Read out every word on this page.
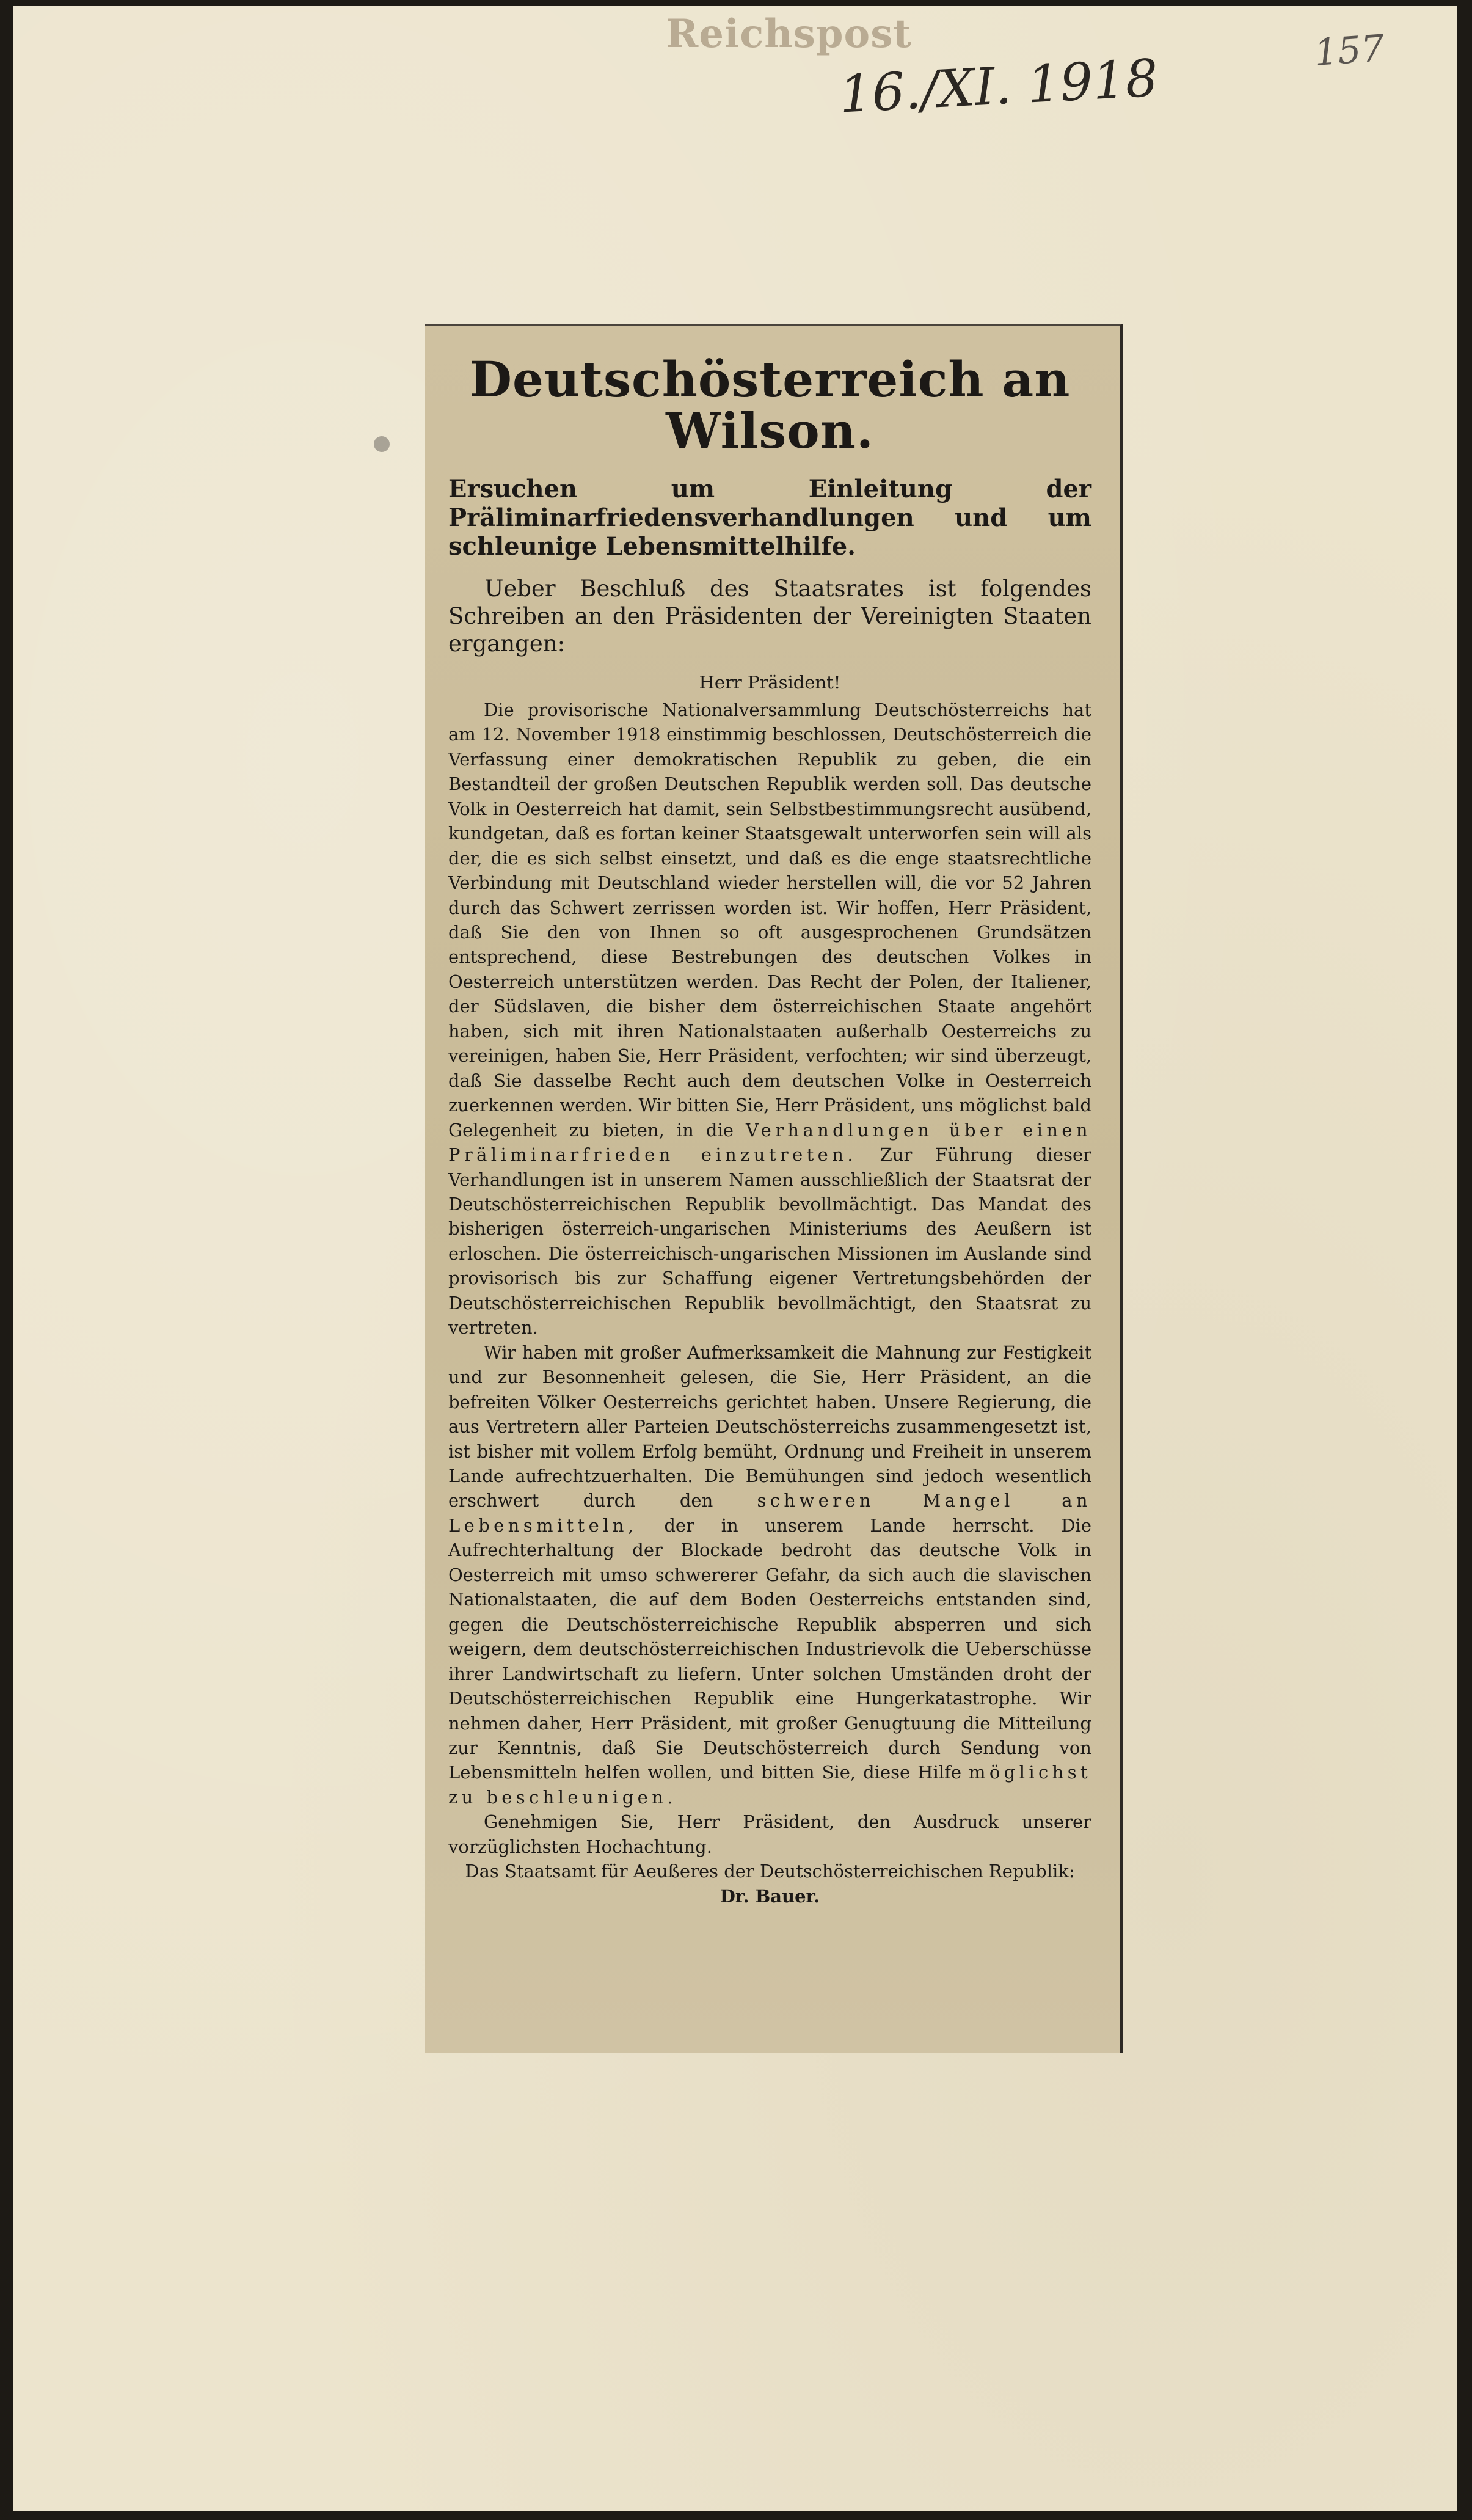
Reichspost
16./XI. 1918	157
Deutschösterreich an Wilson.
Ersuchen um Einleitung der Präliminarfriedensverhandlungen und um schleunige Lebensmittelhilfe.

Ueber Beschluß des Staatsrates ist folgendes Schreiben an den Präsidenten der Vereinigten Staaten ergangen:

Herr Präsident!

Die provisorische Nationalversammlung Deutschösterreichs hat am 12. November 1918 einstimmig beschlossen, Deutschösterreich die Verfassung einer demokratischen Republik zu geben, die ein Bestandteil der großen Deutschen Republik werden soll. Das deutsche Volk in Oesterreich hat damit, sein Selbstbestimmungsrecht ausübend, kundgetan, daß es fortan keiner Staatsgewalt unterworfen sein will als der, die es sich selbst einsetzt, und daß es die enge staatsrechtliche Verbindung mit Deutschland wieder herstellen will, die vor 52 Jahren durch das Schwert zerrissen worden ist. Wir hoffen, Herr Präsident, daß Sie den von Ihnen so oft ausgesprochenen Grundsätzen entsprechend, diese Bestrebungen des deutschen Volkes in Oesterreich unterstützen werden. Das Recht der Polen, der Italiener, der Südslaven, die bisher dem österreichischen Staate angehört haben, sich mit ihren Nationalstaaten außerhalb Oesterreichs zu vereinigen, haben Sie, Herr Präsident, verfochten; wir sind überzeugt, daß Sie dasselbe Recht auch dem deutschen Volke in Oesterreich zuerkennen werden. Wir bitten Sie, Herr Präsident, uns möglichst bald Gelegenheit zu bieten, in die Verhandlungen über einen Präliminarfrieden einzutreten. Zur Führung dieser Verhandlungen ist in unserem Namen ausschließlich der Staatsrat der Deutschösterreichischen Republik bevollmächtigt. Das Mandat des bisherigen österreich-ungarischen Ministeriums des Aeußern ist erloschen. Die österreichisch-ungarischen Missionen im Auslande sind provisorisch bis zur Schaffung eigener Vertretungsbehörden der Deutschösterreichischen Republik bevollmächtigt, den Staatsrat zu vertreten.

Wir haben mit großer Aufmerksamkeit die Mahnung zur Festigkeit und zur Besonnenheit gelesen, die Sie, Herr Präsident, an die befreiten Völker Oesterreichs gerichtet haben. Unsere Regierung, die aus Vertretern aller Parteien Deutschösterreichs zusammengesetzt ist, ist bisher mit vollem Erfolg bemüht, Ordnung und Freiheit in unserem Lande aufrechtzuerhalten. Die Bemühungen sind jedoch wesentlich erschwert durch den schweren Mangel an Lebensmitteln, der in unserem Lande herrscht. Die Aufrechterhaltung der Blockade bedroht das deutsche Volk in Oesterreich mit umso schwererer Gefahr, da sich auch die slavischen Nationalstaaten, die auf dem Boden Oesterreichs entstanden sind, gegen die Deutschösterreichische Republik absperren und sich weigern, dem deutschösterreichischen Industrievolk die Ueberschüsse ihrer Landwirtschaft zu liefern. Unter solchen Umständen droht der Deutschösterreichischen Republik eine Hungerkatastrophe. Wir nehmen daher, Herr Präsident, mit großer Genugtuung die Mitteilung zur Kenntnis, daß Sie Deutschösterreich durch Sendung von Lebensmitteln helfen wollen, und bitten Sie, diese Hilfe möglichst zu beschleunigen.

Genehmigen Sie, Herr Präsident, den Ausdruck unserer vorzüglichsten Hochachtung.

Das Staatsamt für Aeußeres der Deutschösterreichischen Republik:

Dr. Bauer.
